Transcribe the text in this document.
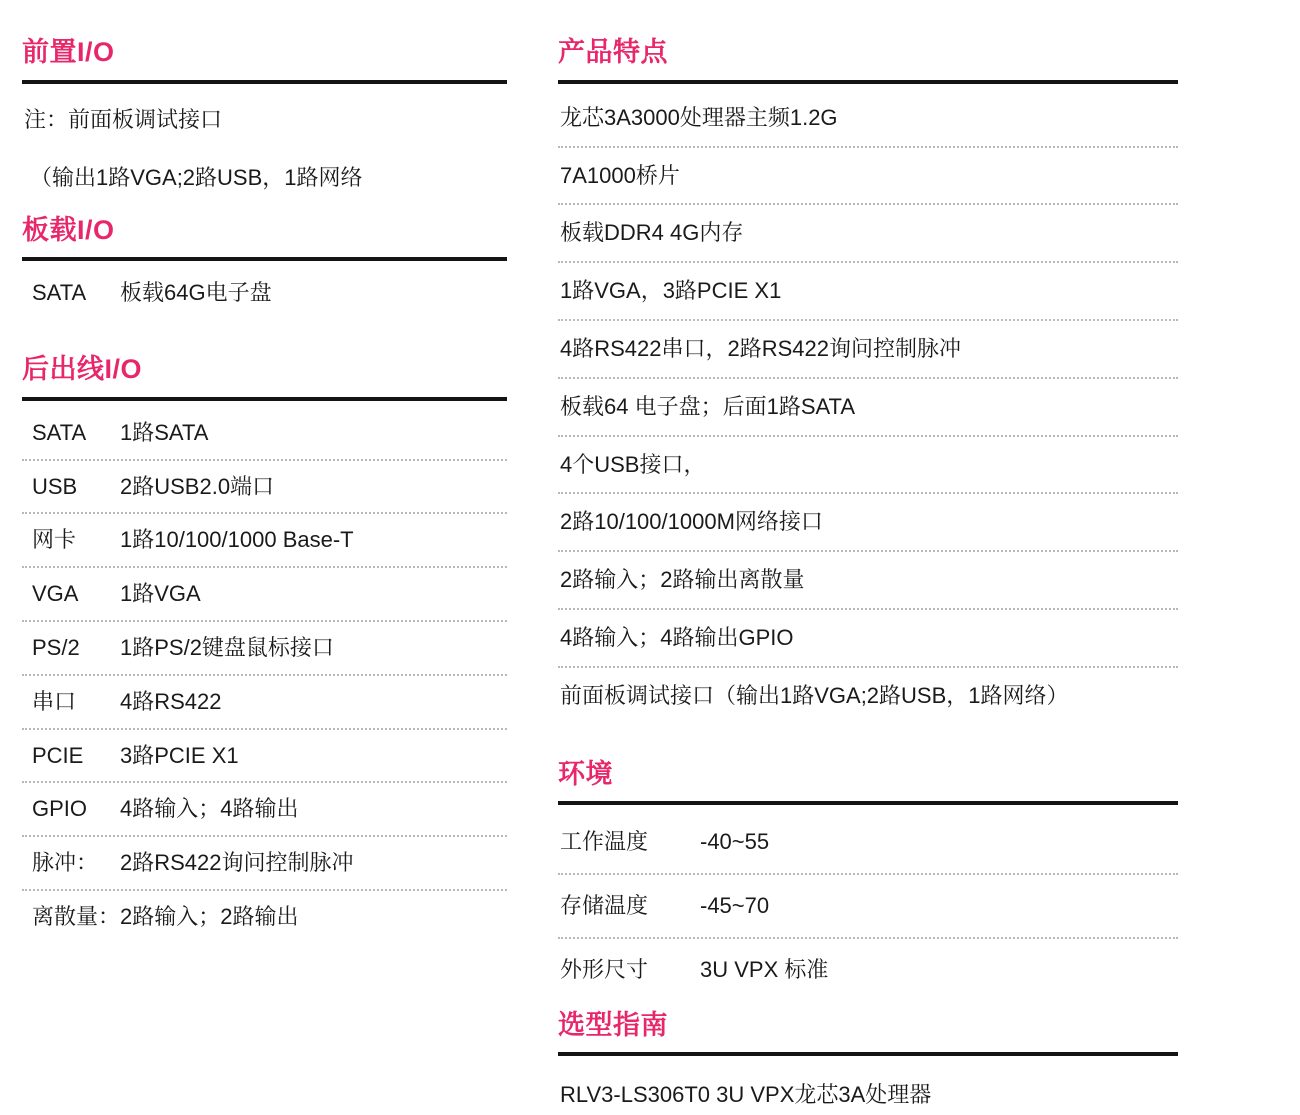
前置I/O
注：前面板调试接口
（输出1路VGA;2路USB，1路网络
板载I/O
SATA	板载64G电子盘
后出线I/O
SATA	1路SATA
USB	2路USB2.0端口
网卡	1路10/100/1000 Base-T
VGA	1路VGA
PS/2	1路PS/2键盘鼠标接口
串口	4路RS422
PCIE	3路PCIE X1
GPIO	4路输入；4路输出
脉冲： 2路RS422询问控制脉冲
离散量： 2路输入；2路输出
产品特点
龙芯3A3000处理器主频1.2G
7A1000桥片
板载DDR4 4G内存
1路VGA，3路PCIE X1
4路RS422串口，2路RS422询问控制脉冲
板载64 电子盘；后面1路SATA
4个USB接口，
2路10/100/1000M网络接口
2路输入；2路输出离散量
4路输入；4路输出GPIO
前面板调试接口（输出1路VGA;2路USB，1路网络）
环境
工作温度	-40~55
存储温度	-45~70
外形尺寸	3U VPX 标准
选型指南
RLV3-LS306T0 3U VPX龙芯3A处理器
